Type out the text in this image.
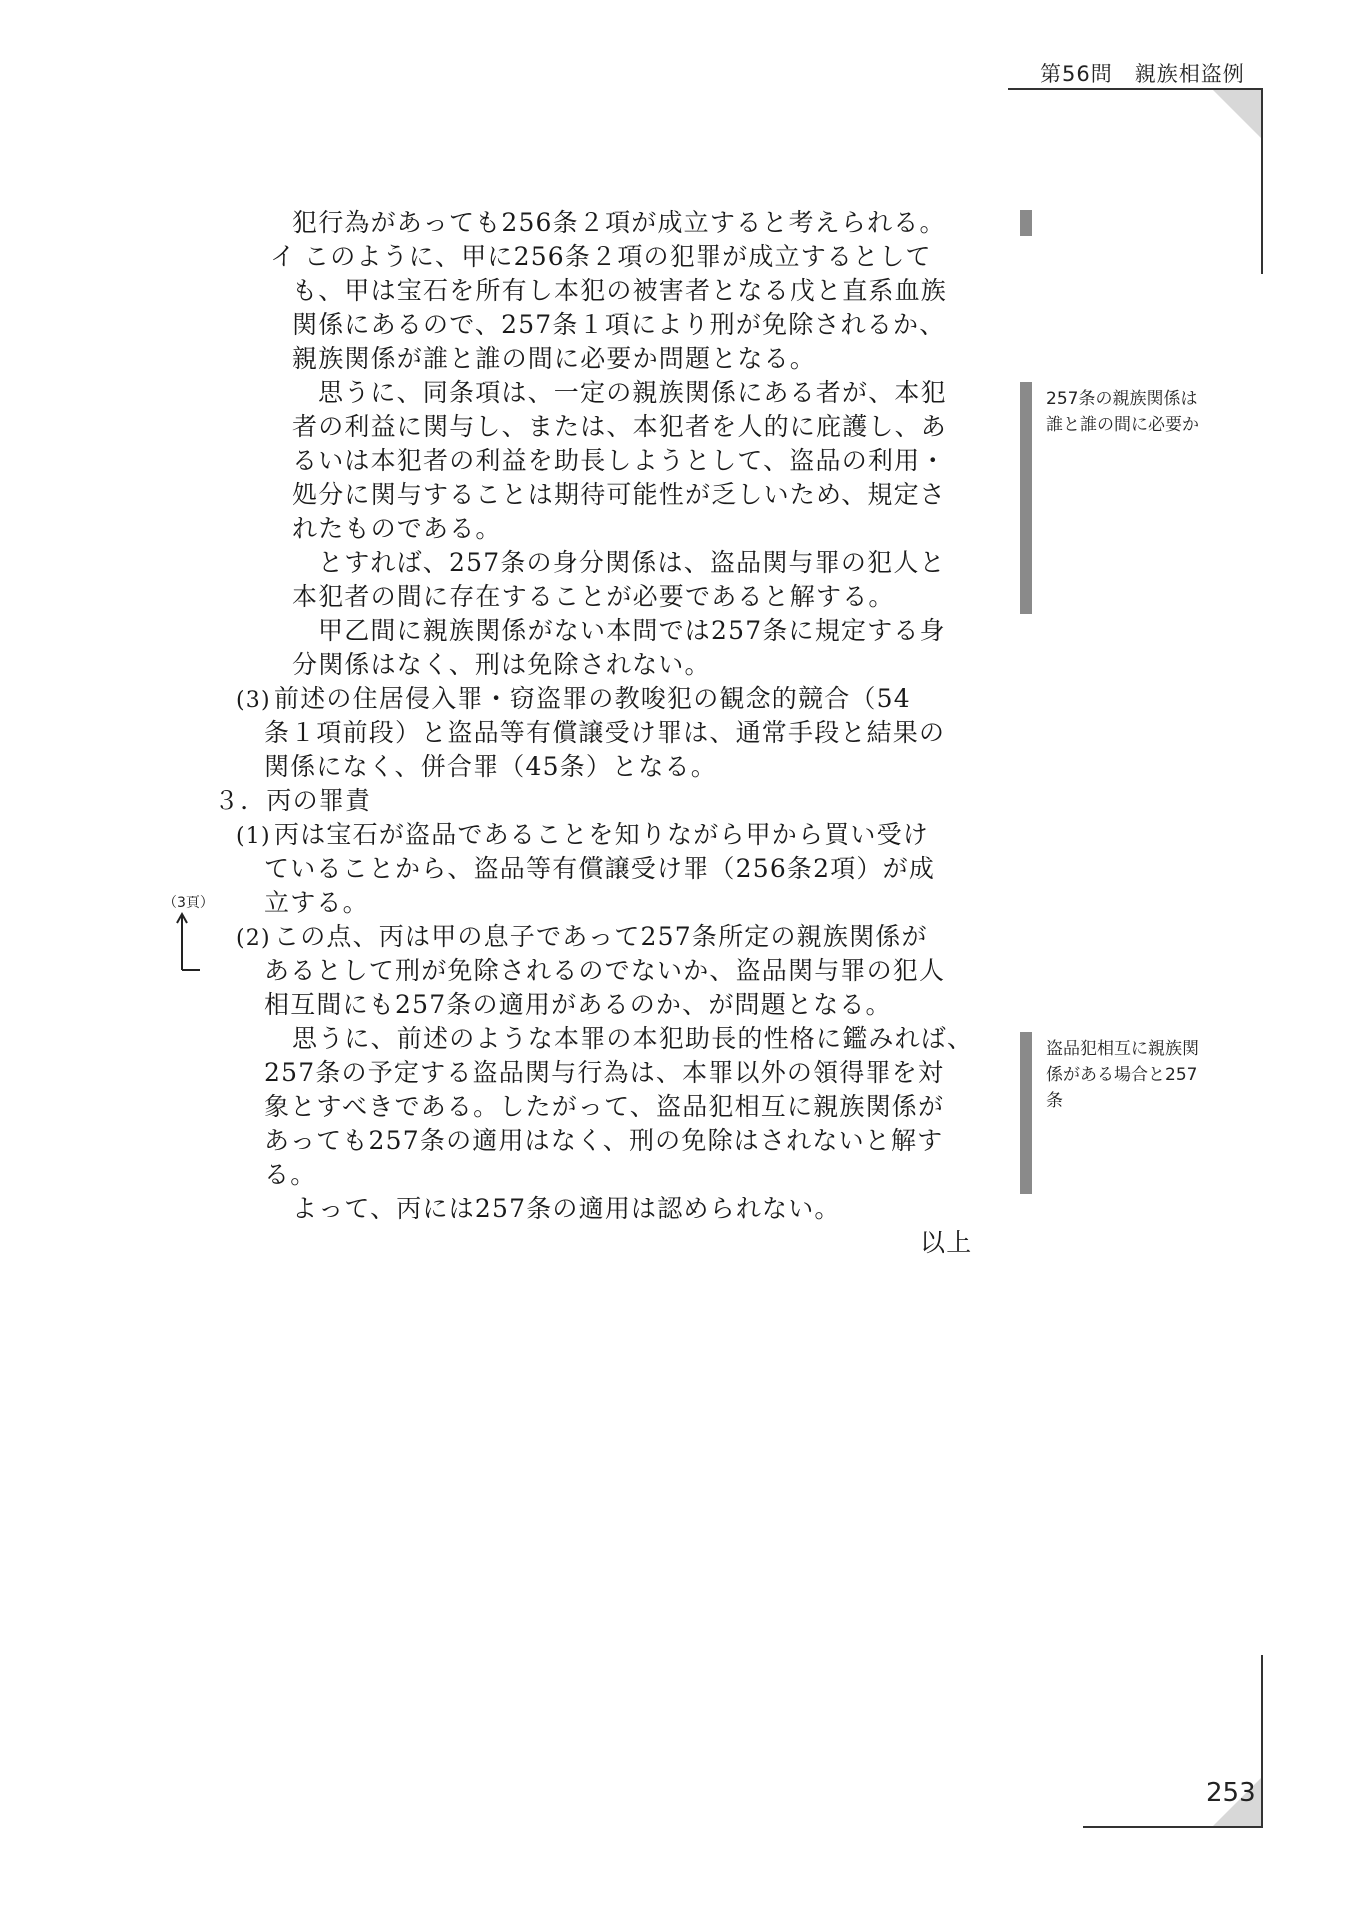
第56問　親族相盗例
犯行為があっても256条２項が成立すると考えられる。
イ このように、甲に256条２項の犯罪が成立するとして
も、甲は宝石を所有し本犯の被害者となる戊と直系血族
関係にあるので、257条１項により刑が免除されるか、
親族関係が誰と誰の間に必要か問題となる。
思うに、同条項は、一定の親族関係にある者が、本犯
者の利益に関与し、または、本犯者を人的に庇護し、あ
るいは本犯者の利益を助長しようとして、盗品の利用・
処分に関与することは期待可能性が乏しいため、規定さ
れたものである。
とすれば、257条の身分関係は、盗品関与罪の犯人と
本犯者の間に存在することが必要であると解する。
甲乙間に親族関係がない本問では257条に規定する身
分関係はなく、刑は免除されない。
(3) 前述の住居侵入罪・窃盗罪の教唆犯の観念的競合（54
条１項前段）と盗品等有償譲受け罪は、通常手段と結果の
関係になく、併合罪（45条）となる。
３．丙の罪責
(1) 丙は宝石が盗品であることを知りながら甲から買い受け
ていることから、盗品等有償譲受け罪（256条2項）が成
立する。
(2) この点、丙は甲の息子であって257条所定の親族関係が
あるとして刑が免除されるのでないか、盗品関与罪の犯人
相互間にも257条の適用があるのか、が問題となる。
思うに、前述のような本罪の本犯助長的性格に鑑みれば、
257条の予定する盗品関与行為は、本罪以外の領得罪を対
象とすべきである。したがって、盗品犯相互に親族関係が
あっても257条の適用はなく、刑の免除はされないと解す
る。
よって、丙には257条の適用は認められない。
以上
257条の親族関係は
誰と誰の間に必要か
盗品犯相互に親族関
係がある場合と257
条
（3頁）
253
